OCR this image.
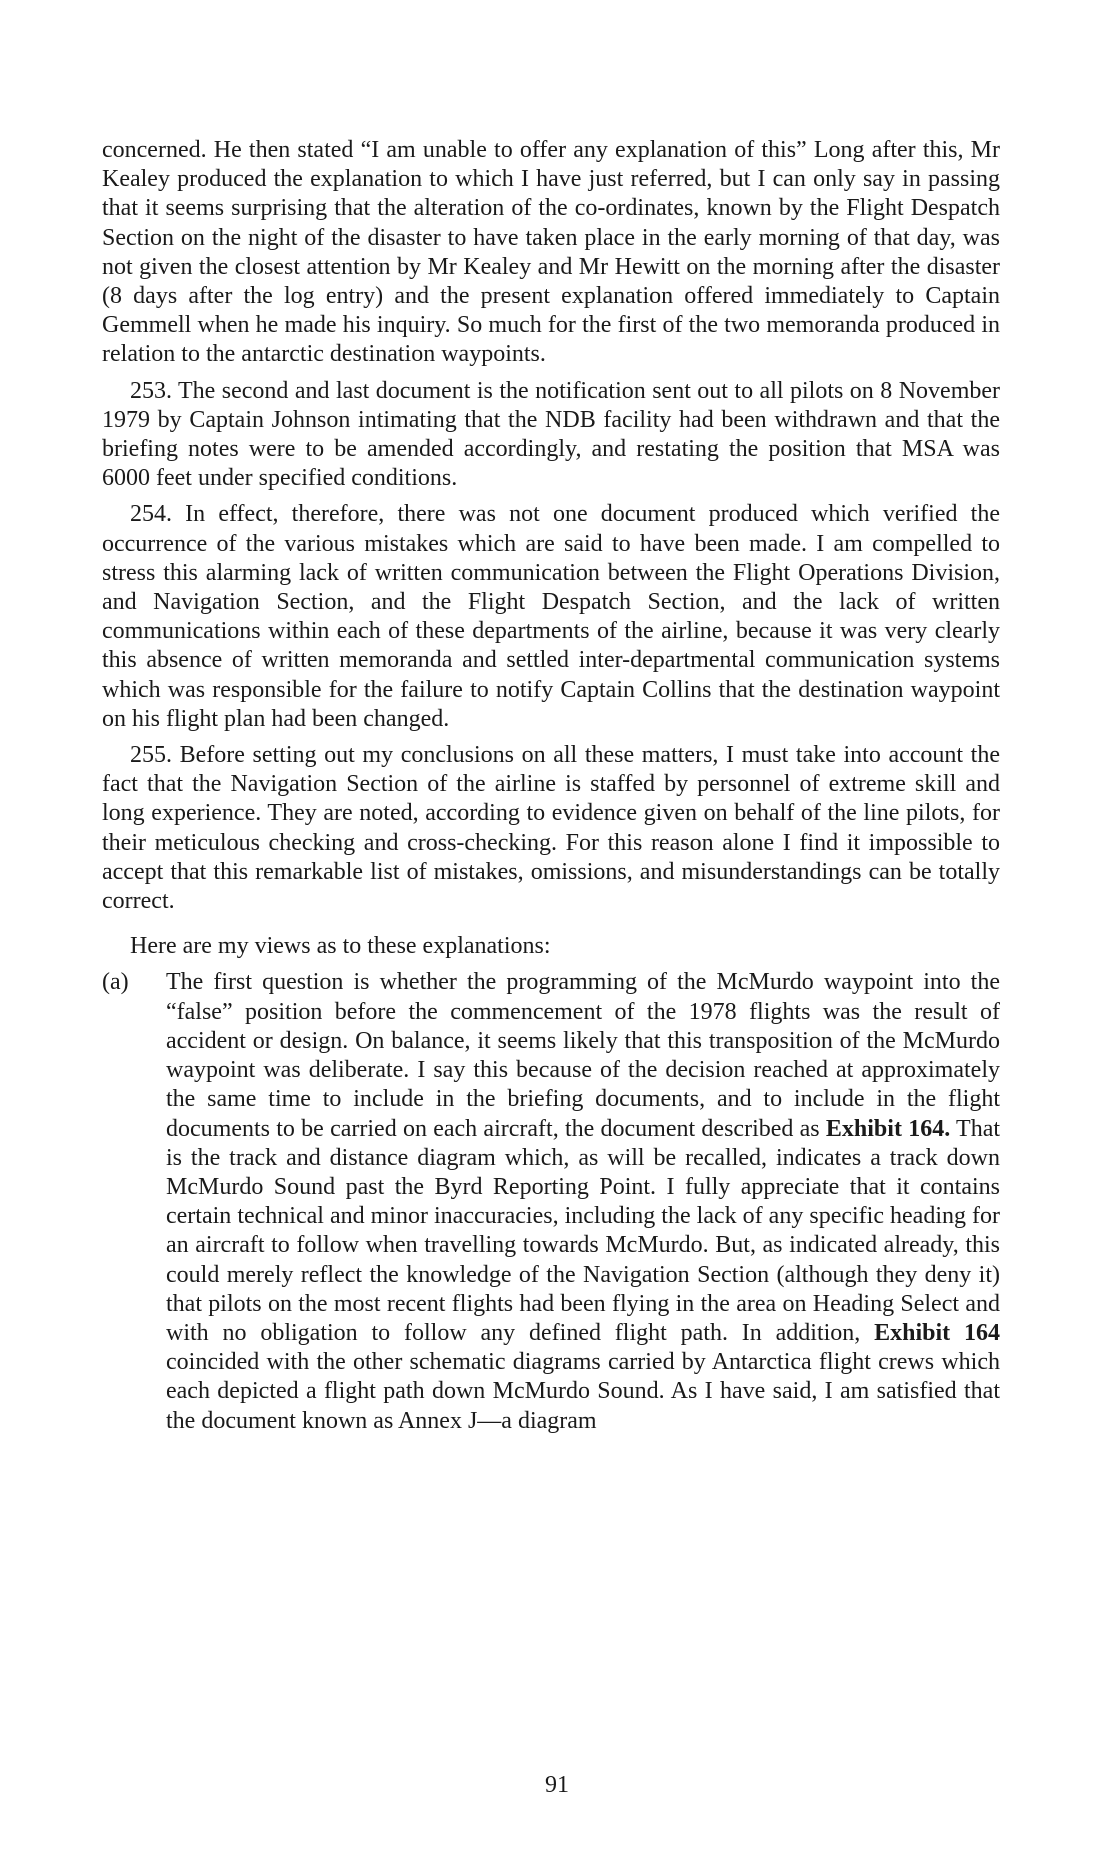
concerned. He then stated “I am unable to offer any explanation of this” Long after this, Mr Kealey produced the explanation to which I have just referred, but I can only say in passing that it seems surprising that the alteration of the co-ordinates, known by the Flight Despatch Section on the night of the disaster to have taken place in the early morning of that day, was not given the closest attention by Mr Kealey and Mr Hewitt on the morning after the disaster (8 days after the log entry) and the present explanation offered immediately to Captain Gemmell when he made his inquiry. So much for the first of the two memoranda produced in relation to the antarctic destination waypoints.

253. The second and last document is the notification sent out to all pilots on 8 November 1979 by Captain Johnson intimating that the NDB facility had been withdrawn and that the briefing notes were to be amended accordingly, and restating the position that MSA was 6000 feet under specified conditions.

254. In effect, therefore, there was not one document produced which verified the occurrence of the various mistakes which are said to have been made. I am compelled to stress this alarming lack of written communication between the Flight Operations Division, and Navigation Section, and the Flight Despatch Section, and the lack of written communications within each of these departments of the airline, because it was very clearly this absence of written memoranda and settled inter-departmental communication systems which was responsible for the failure to notify Captain Collins that the destination waypoint on his flight plan had been changed.

255. Before setting out my conclusions on all these matters, I must take into account the fact that the Navigation Section of the airline is staffed by personnel of extreme skill and long experience. They are noted, according to evidence given on behalf of the line pilots, for their meticulous checking and cross-checking. For this reason alone I find it impossible to accept that this remarkable list of mistakes, omissions, and misunderstandings can be totally correct.

Here are my views as to these explanations:

(a)	The first question is whether the programming of the McMurdo waypoint into the “false” position before the commencement of the 1978 flights was the result of accident or design. On balance, it seems likely that this transposition of the McMurdo waypoint was deliberate. I say this because of the decision reached at approximately the same time to include in the briefing documents, and to include in the flight documents to be carried on each aircraft, the document described as Exhibit 164. That is the track and distance diagram which, as will be recalled, indicates a track down McMurdo Sound past the Byrd Reporting Point. I fully appreciate that it contains certain technical and minor inaccuracies, including the lack of any specific heading for an aircraft to follow when travelling towards McMurdo. But, as indicated already, this could merely reflect the knowledge of the Navigation Section (although they deny it) that pilots on the most recent flights had been flying in the area on Heading Select and with no obligation to follow any defined flight path. In addition, Exhibit 164 coincided with the other schematic diagrams carried by Antarctica flight crews which each depicted a flight path down McMurdo Sound. As I have said, I am satisfied that the document known as Annex J—a diagram
91
